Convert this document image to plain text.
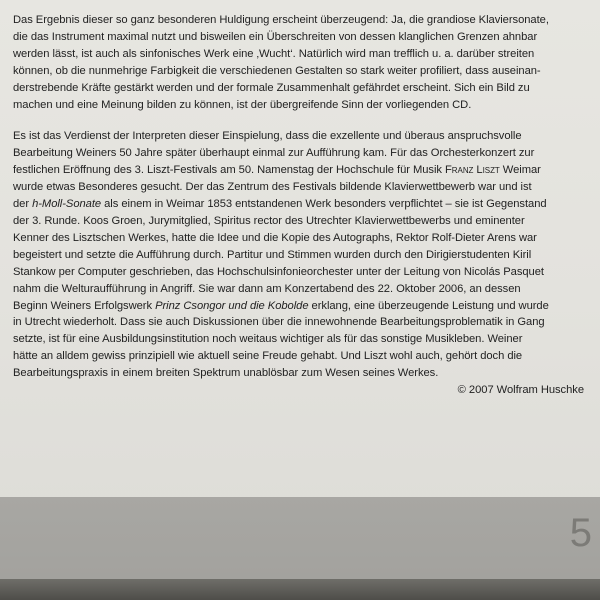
Das Ergebnis dieser so ganz besonderen Huldigung erscheint überzeugend: Ja, die grandiose Klaviersonate,
die das Instrument maximal nutzt und bisweilen ein Überschreiten von dessen klanglichen Grenzen ahnbar
werden lässt, ist auch als sinfonisches Werk eine ‚Wucht‘. Natürlich wird man trefflich u. a. darüber streiten
können, ob die nunmehrige Farbigkeit die verschiedenen Gestalten so stark weiter profiliert, dass auseinan-
derstrebende Kräfte gestärkt werden und der formale Zusammenhalt gefährdet erscheint. Sich ein Bild zu
machen und eine Meinung bilden zu können, ist der übergreifende Sinn der vorliegenden CD.

Es ist das Verdienst der Interpreten dieser Einspielung, dass die exzellente und überaus anspruchsvolle
Bearbeitung Weiners 50 Jahre später überhaupt einmal zur Aufführung kam. Für das Orchesterkonzert zur
festlichen Eröffnung des 3. Liszt-Festivals am 50. Namenstag der Hochschule für Musik Franz Liszt Weimar
wurde etwas Besonderes gesucht. Der das Zentrum des Festivals bildende Klavierwettbewerb war und ist
der h-Moll-Sonate als einem in Weimar 1853 entstandenen Werk besonders verpflichtet – sie ist Gegenstand
der 3. Runde. Koos Groen, Jurymitglied, Spiritus rector des Utrechter Klavierwettbewerbs und eminenter
Kenner des Lisztschen Werkes, hatte die Idee und die Kopie des Autographs, Rektor Rolf-Dieter Arens war
begeistert und setzte die Aufführung durch. Partitur und Stimmen wurden durch den Dirigierstudenten Kiril
Stankow per Computer geschrieben, das Hochschulsinfonieorchester unter der Leitung von Nicolás Pasquet
nahm die Welturaufführung in Angriff. Sie war dann am Konzertabend des 22. Oktober 2006, an dessen
Beginn Weiners Erfolgswerk Prinz Csongor und die Kobolde erklang, eine überzeugende Leistung und wurde
in Utrecht wiederholt. Dass sie auch Diskussionen über die innewohnende Bearbeitungsproblematik in Gang
setzte, ist für eine Ausbildungsinstitution noch weitaus wichtiger als für das sonstige Musikleben. Weiner
hätte an alldem gewiss prinzipiell wie aktuell seine Freude gehabt. Und Liszt wohl auch, gehört doch die
Bearbeitungspraxis in einem breiten Spektrum unablösbar zum Wesen seines Werkes.
© 2007 Wolfram Huschke

5
